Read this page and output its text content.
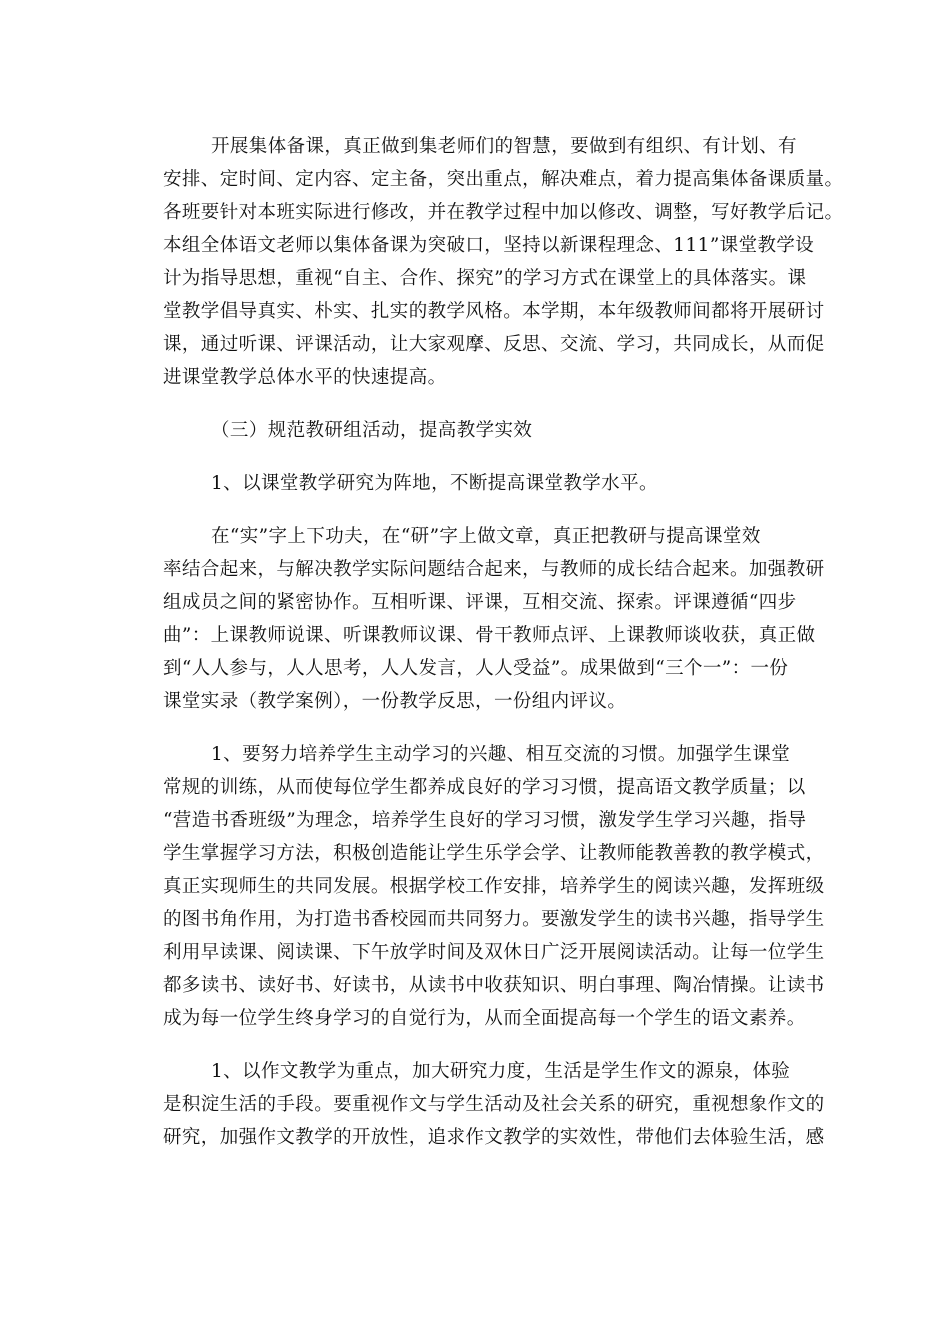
开展集体备课，真正做到集老师们的智慧，要做到有组织、有计划、有
安排、定时间、定内容、定主备，突出重点，解决难点，着力提高集体备课质量。
各班要针对本班实际进行修改，并在教学过程中加以修改、调整，写好教学后记。
本组全体语文老师以集体备课为突破口，坚持以新课程理念、111”课堂教学设
计为指导思想，重视“自主、合作、探究”的学习方式在课堂上的具体落实。课
堂教学倡导真实、朴实、扎实的教学风格。本学期，本年级教师间都将开展研讨
课，通过听课、评课活动，让大家观摩、反思、交流、学习，共同成长，从而促
进课堂教学总体水平的快速提高。
（三）规范教研组活动，提高教学实效
1、以课堂教学研究为阵地，不断提高课堂教学水平。
在“实”字上下功夫，在“研”字上做文章，真正把教研与提高课堂效
率结合起来，与解决教学实际问题结合起来，与教师的成长结合起来。加强教研
组成员之间的紧密协作。互相听课、评课，互相交流、探索。评课遵循“四步
曲”：上课教师说课、听课教师议课、骨干教师点评、上课教师谈收获，真正做
到“人人参与，人人思考，人人发言，人人受益”。成果做到“三个一”：一份
课堂实录（教学案例），一份教学反思，一份组内评议。
1、要努力培养学生主动学习的兴趣、相互交流的习惯。加强学生课堂
常规的训练，从而使每位学生都养成良好的学习习惯，提高语文教学质量；以
“营造书香班级”为理念，培养学生良好的学习习惯，激发学生学习兴趣，指导
学生掌握学习方法，积极创造能让学生乐学会学、让教师能教善教的教学模式，
真正实现师生的共同发展。根据学校工作安排，培养学生的阅读兴趣，发挥班级
的图书角作用，为打造书香校园而共同努力。要激发学生的读书兴趣，指导学生
利用早读课、阅读课、下午放学时间及双休日广泛开展阅读活动。让每一位学生
都多读书、读好书、好读书，从读书中收获知识、明白事理、陶冶情操。让读书
成为每一位学生终身学习的自觉行为，从而全面提高每一个学生的语文素养。
1、以作文教学为重点，加大研究力度，生活是学生作文的源泉，体验
是积淀生活的手段。要重视作文与学生活动及社会关系的研究，重视想象作文的
研究，加强作文教学的开放性，追求作文教学的实效性，带他们去体验生活，感
